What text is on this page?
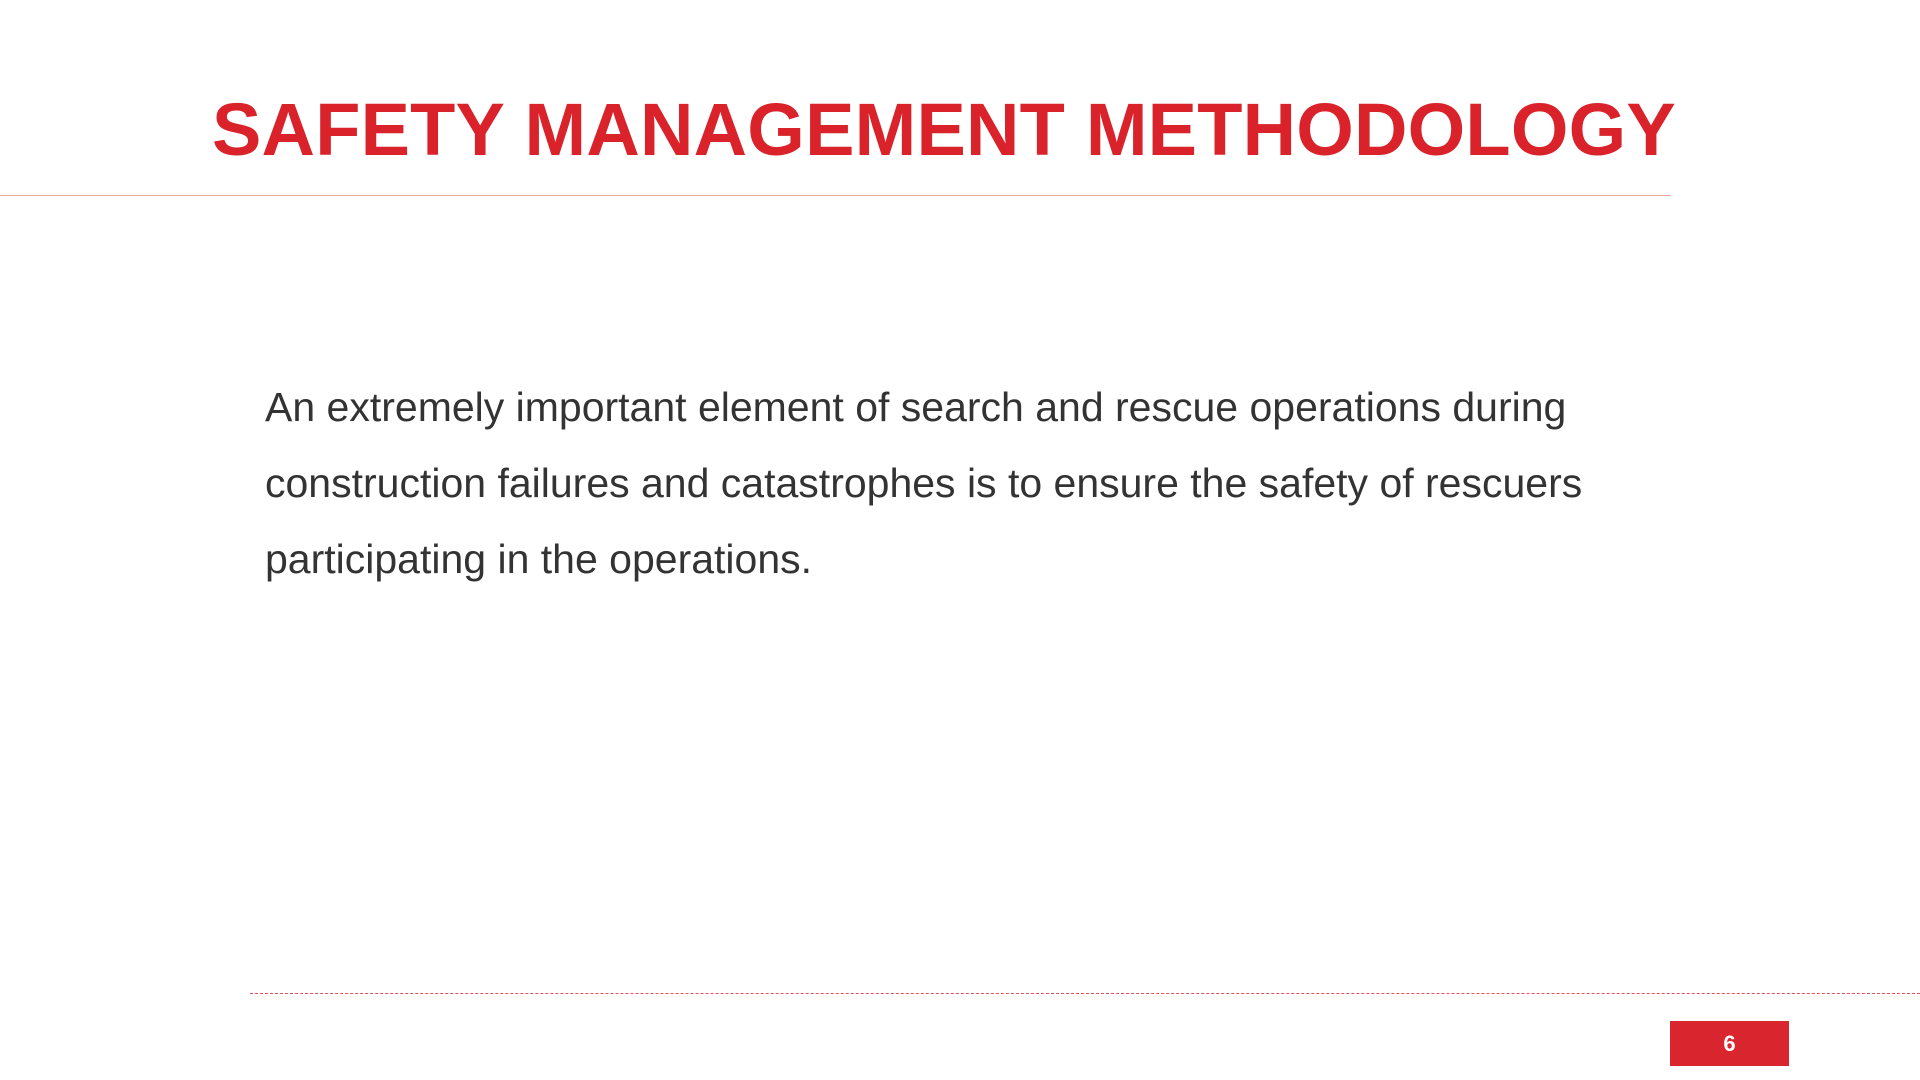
SAFETY MANAGEMENT METHODOLOGY

An extremely important element of search and rescue operations during construction failures and catastrophes is to ensure the safety of rescuers participating in the operations.

6
